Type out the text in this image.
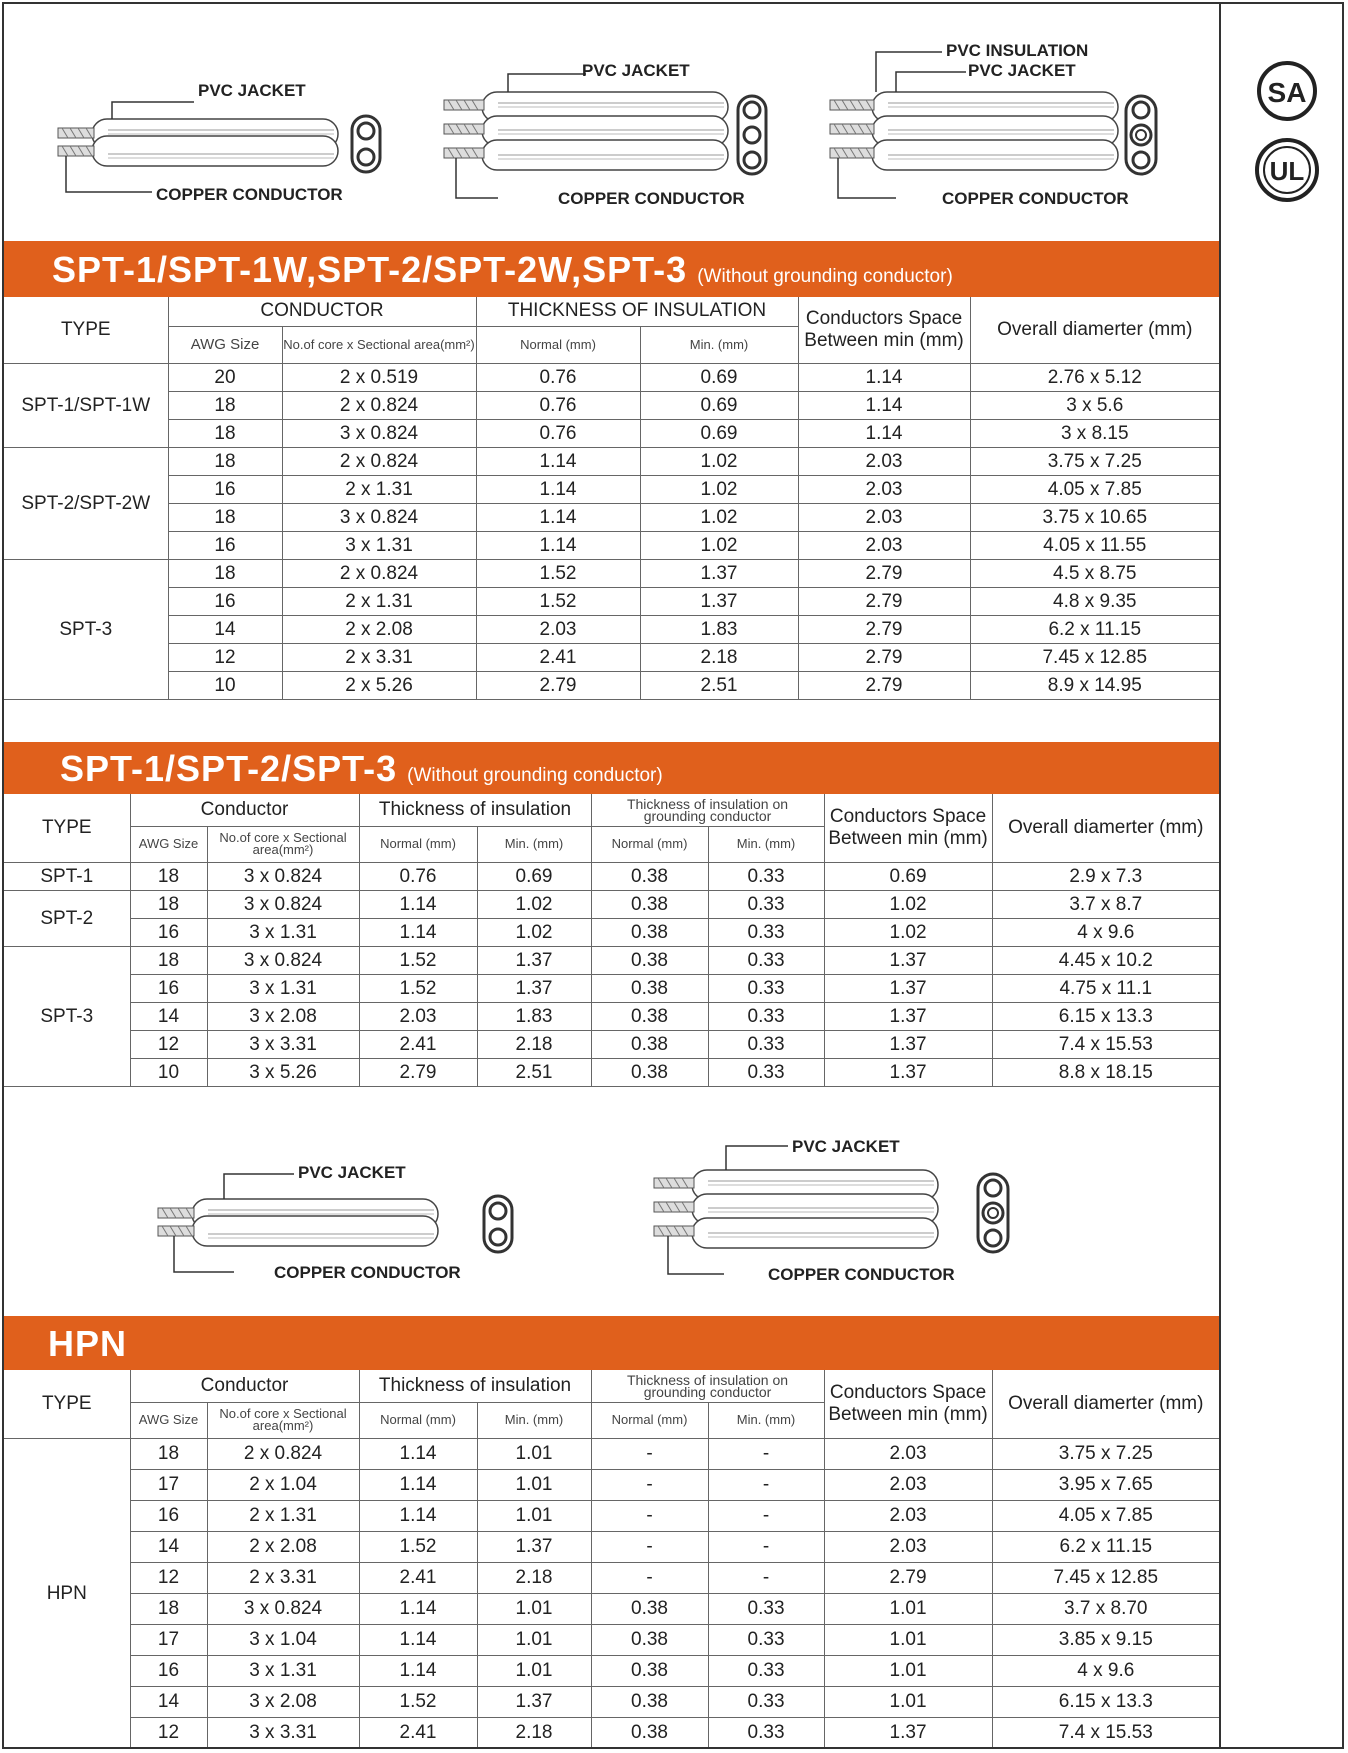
PVC JACKET
COPPER CONDUCTOR
PVC JACKET
COPPER CONDUCTOR
PVC INSULATION
PVC JACKET
COPPER CONDUCTOR
SPT-1/SPT-1W,SPT-2/SPT-2W,SPT-3 (Without grounding conductor)
TYPE	CONDUCTOR		THICKNESS OF INSULATION		Conductors Space Between min (mm)	Overall diamerter (mm)
	AWG Size	No.of core x Sectional area(mm²)	Normal (mm)	Min. (mm)		
SPT-1/SPT-1W	20	2 x 0.519	0.76	0.69	1.14	2.76 x 5.12
	18	2 x 0.824	0.76	0.69	1.14	3 x 5.6
	18	3 x 0.824	0.76	0.69	1.14	3 x 8.15
SPT-2/SPT-2W	18	2 x 0.824	1.14	1.02	2.03	3.75 x 7.25
	16	2 x 1.31	1.14	1.02	2.03	4.05 x 7.85
	18	3 x 0.824	1.14	1.02	2.03	3.75 x 10.65
	16	3 x 1.31	1.14	1.02	2.03	4.05 x 11.55
SPT-3	18	2 x 0.824	1.52	1.37	2.79	4.5 x 8.75
	16	2 x 1.31	1.52	1.37	2.79	4.8 x 9.35
	14	2 x 2.08	2.03	1.83	2.79	6.2 x 11.15
	12	2 x 3.31	2.41	2.18	2.79	7.45 x 12.85
	10	2 x 5.26	2.79	2.51	2.79	8.9 x 14.95
SPT-1/SPT-2/SPT-3 (Without grounding conductor)
TYPE	Conductor		Thickness of insulation		Thickness of insulation on grounding conductor		Conductors Space Between min (mm)	Overall diamerter (mm)
	AWG Size	No.of core x Sectional area(mm²)	Normal (mm)	Min. (mm)	Normal (mm)	Min. (mm)		
SPT-1	18	3 x 0.824	0.76	0.69	0.38	0.33	0.69	2.9 x 7.3
SPT-2	18	3 x 0.824	1.14	1.02	0.38	0.33	1.02	3.7 x 8.7
	16	3 x 1.31	1.14	1.02	0.38	0.33	1.02	4 x 9.6
SPT-3	18	3 x 0.824	1.52	1.37	0.38	0.33	1.37	4.45 x 10.2
	16	3 x 1.31	1.52	1.37	0.38	0.33	1.37	4.75 x 11.1
	14	3 x 2.08	2.03	1.83	0.38	0.33	1.37	6.15 x 13.3
	12	3 x 3.31	2.41	2.18	0.38	0.33	1.37	7.4 x 15.53
	10	3 x 5.26	2.79	2.51	0.38	0.33	1.37	8.8 x 18.15
PVC JACKET
COPPER CONDUCTOR
PVC JACKET
COPPER CONDUCTOR
HPN
TYPE	Conductor		Thickness of insulation		Thickness of insulation on grounding conductor		Conductors Space Between min (mm)	Overall diamerter (mm)
	AWG Size	No.of core x Sectional area(mm²)	Normal (mm)	Min. (mm)	Normal (mm)	Min. (mm)		
HPN	18	2 x 0.824	1.14	1.01	-	-	2.03	3.75 x 7.25
	17	2 x 1.04	1.14	1.01	-	-	2.03	3.95 x 7.65
	16	2 x 1.31	1.14	1.01	-	-	2.03	4.05 x 7.85
	14	2 x 2.08	1.52	1.37	-	-	2.03	6.2 x 11.15
	12	2 x 3.31	2.41	2.18	-	-	2.79	7.45 x 12.85
	18	3 x 0.824	1.14	1.01	0.38	0.33	1.01	3.7 x 8.70
	17	3 x 1.04	1.14	1.01	0.38	0.33	1.01	3.85 x 9.15
	16	3 x 1.31	1.14	1.01	0.38	0.33	1.01	4 x 9.6
	14	3 x 2.08	1.52	1.37	0.38	0.33	1.01	6.15 x 13.3
	12	3 x 3.31	2.41	2.18	0.38	0.33	1.37	7.4 x 15.53
SA
UL
